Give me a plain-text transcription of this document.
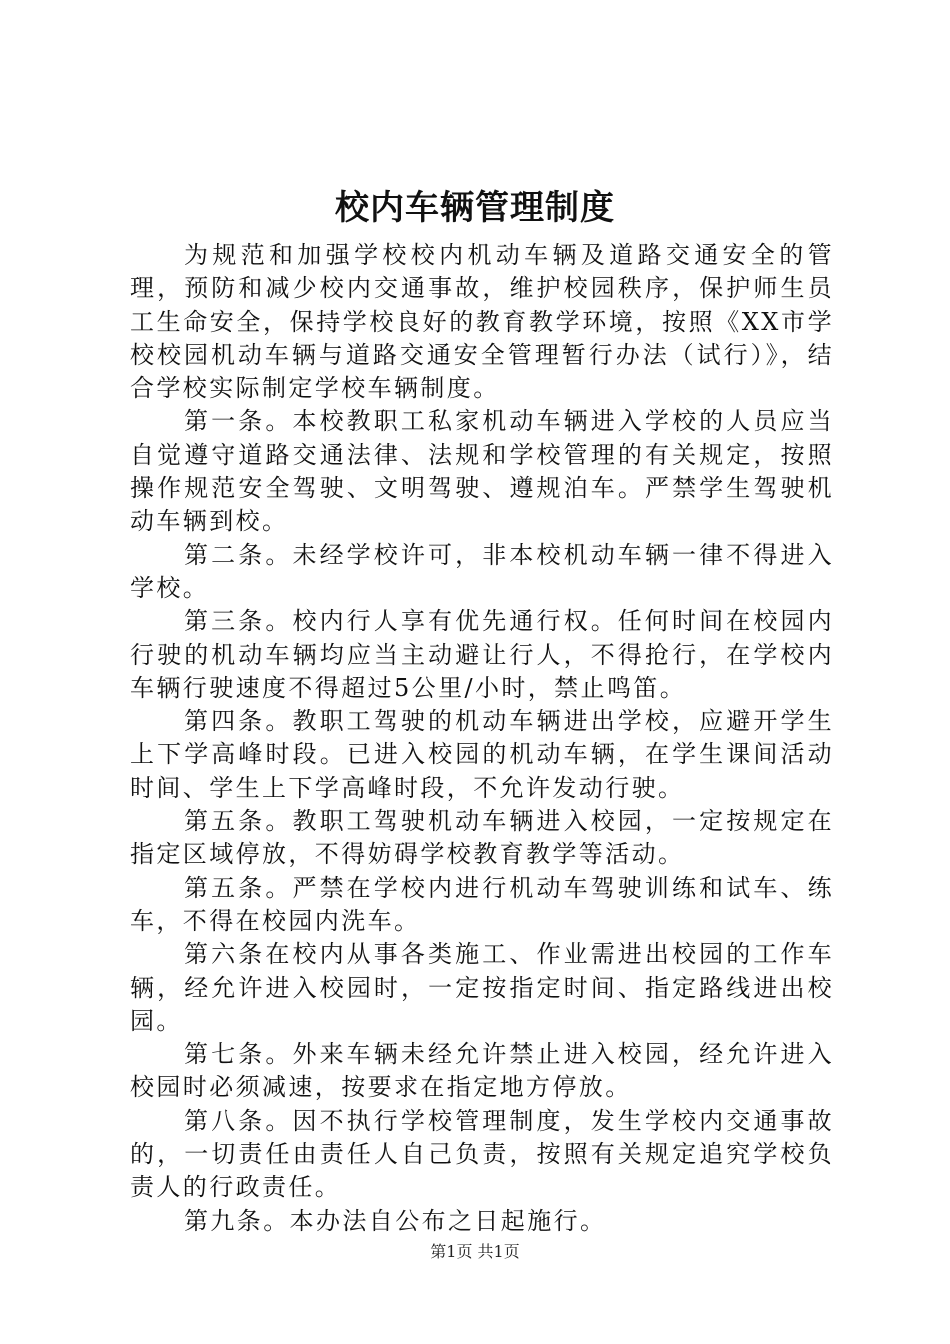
校内车辆管理制度

为规范和加强学校校内机动车辆及道路交通安全的管理，预防和减少校内交通事故，维护校园秩序，保护师生员工生命安全，保持学校良好的教育教学环境，按照《XX市学校校园机动车辆与道路交通安全管理暂行办法（试行）》，结合学校实际制定学校车辆制度。

第一条。本校教职工私家机动车辆进入学校的人员应当自觉遵守道路交通法律、法规和学校管理的有关规定，按照操作规范安全驾驶、文明驾驶、遵规泊车。严禁学生驾驶机动车辆到校。

第二条。未经学校许可，非本校机动车辆一律不得进入学校。

第三条。校内行人享有优先通行权。任何时间在校园内行驶的机动车辆均应当主动避让行人，不得抢行，在学校内车辆行驶速度不得超过5公里/小时，禁止鸣笛。

第四条。教职工驾驶的机动车辆进出学校，应避开学生上下学高峰时段。已进入校园的机动车辆，在学生课间活动时间、学生上下学高峰时段，不允许发动行驶。

第五条。教职工驾驶机动车辆进入校园，一定按规定在指定区域停放，不得妨碍学校教育教学等活动。

第五条。严禁在学校内进行机动车驾驶训练和试车、练车，不得在校园内洗车。

第六条在校内从事各类施工、作业需进出校园的工作车辆，经允许进入校园时，一定按指定时间、指定路线进出校园。

第七条。外来车辆未经允许禁止进入校园，经允许进入校园时必须减速，按要求在指定地方停放。

第八条。因不执行学校管理制度，发生学校内交通事故的，一切责任由责任人自己负责，按照有关规定追究学校负责人的行政责任。

第九条。本办法自公布之日起施行。

第1页 共1页
